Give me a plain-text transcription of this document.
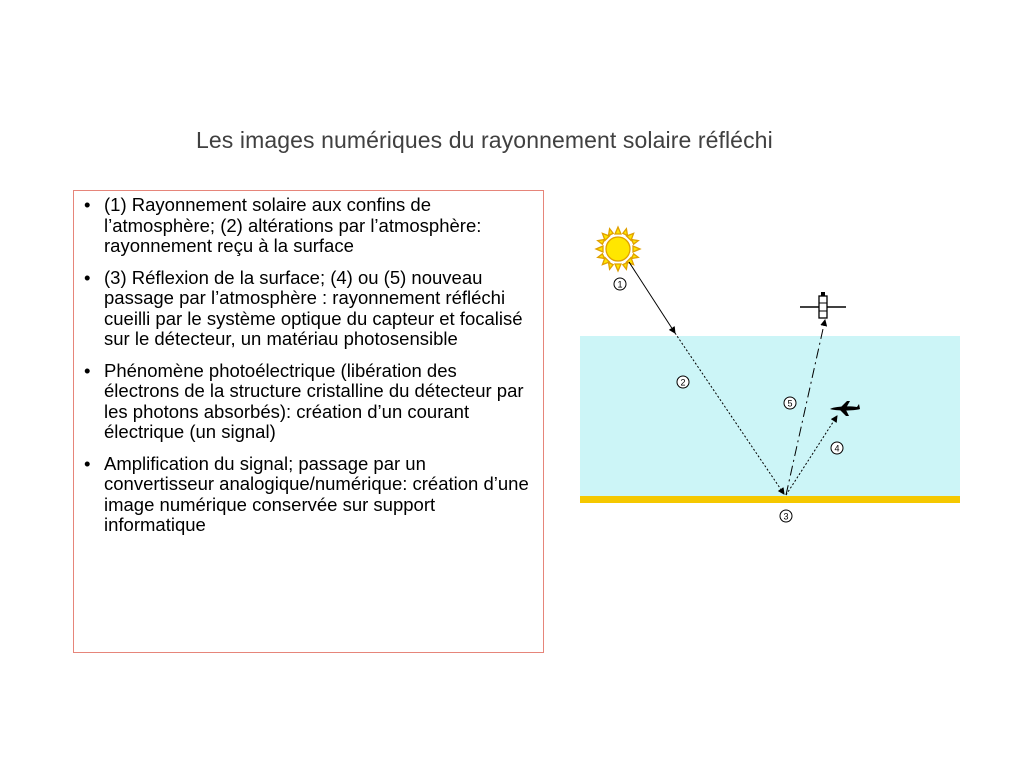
Les images numériques du rayonnement solaire réfléchi
• (1) Rayonnement solaire aux confins de l’atmosphère; (2) altérations par l’atmosphère: rayonnement reçu à la surface
• (3) Réflexion de la surface; (4) ou (5) nouveau passage par l’atmosphère : rayonnement réfléchi cueilli par le système optique du capteur et focalisé sur le détecteur, un matériau photosensible
• Phénomène photoélectrique (libération des électrons de la structure cristalline du détecteur par les photons absorbés): création d’un courant électrique (un signal)
• Amplification du signal; passage par un convertisseur analogique/numérique: création d’une image numérique conservée sur support informatique
1
2
3
4
5
